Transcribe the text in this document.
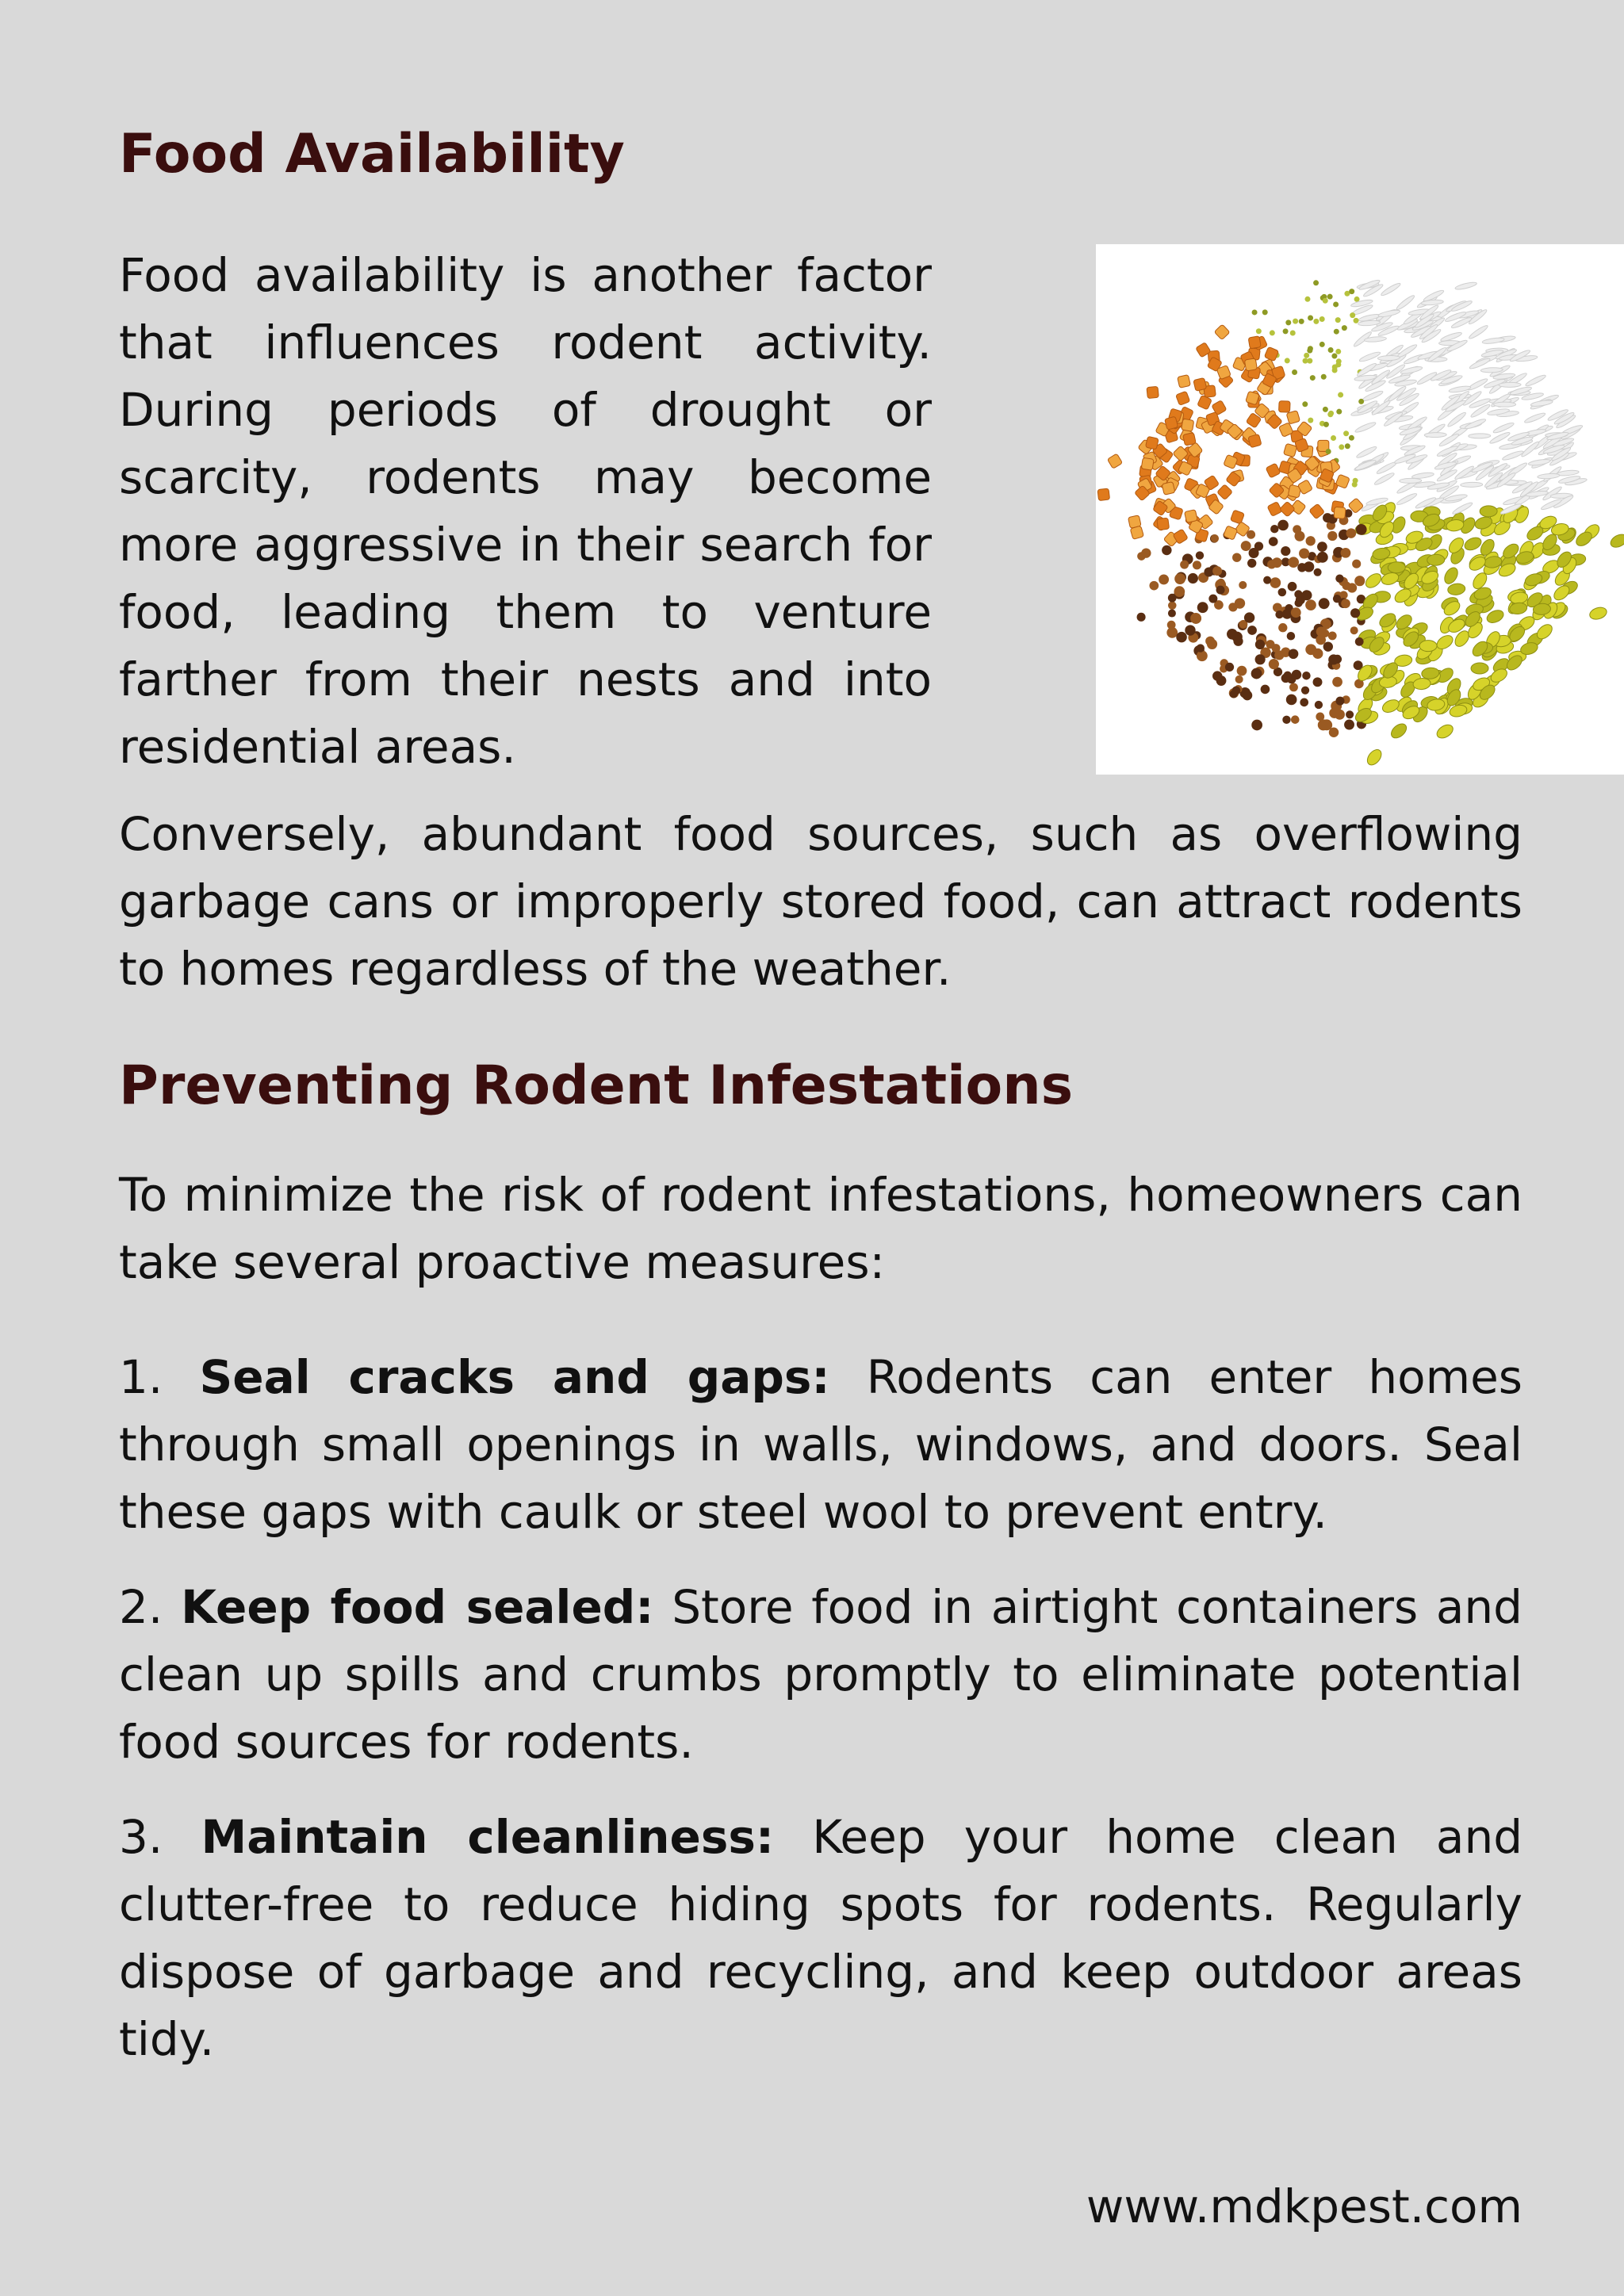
Food Availability

Food availability is another factor that influences rodent activity. During periods of drought or scarcity, rodents may become more aggressive in their search for food, leading them to venture farther from their nests and into residential areas.

Conversely, abundant food sources, such as overflowing garbage cans or improperly stored food, can attract rodents to homes regardless of the weather.

Preventing Rodent Infestations

To minimize the risk of rodent infestations, homeowners can take several proactive measures:

1. Seal cracks and gaps: Rodents can enter homes through small openings in walls, windows, and doors. Seal these gaps with caulk or steel wool to prevent entry.

2. Keep food sealed: Store food in airtight containers and clean up spills and crumbs promptly to eliminate potential food sources for rodents.

3. Maintain cleanliness: Keep your home clean and clutter-free to reduce hiding spots for rodents. Regularly dispose of garbage and recycling, and keep outdoor areas tidy.

www.mdkpest.com
